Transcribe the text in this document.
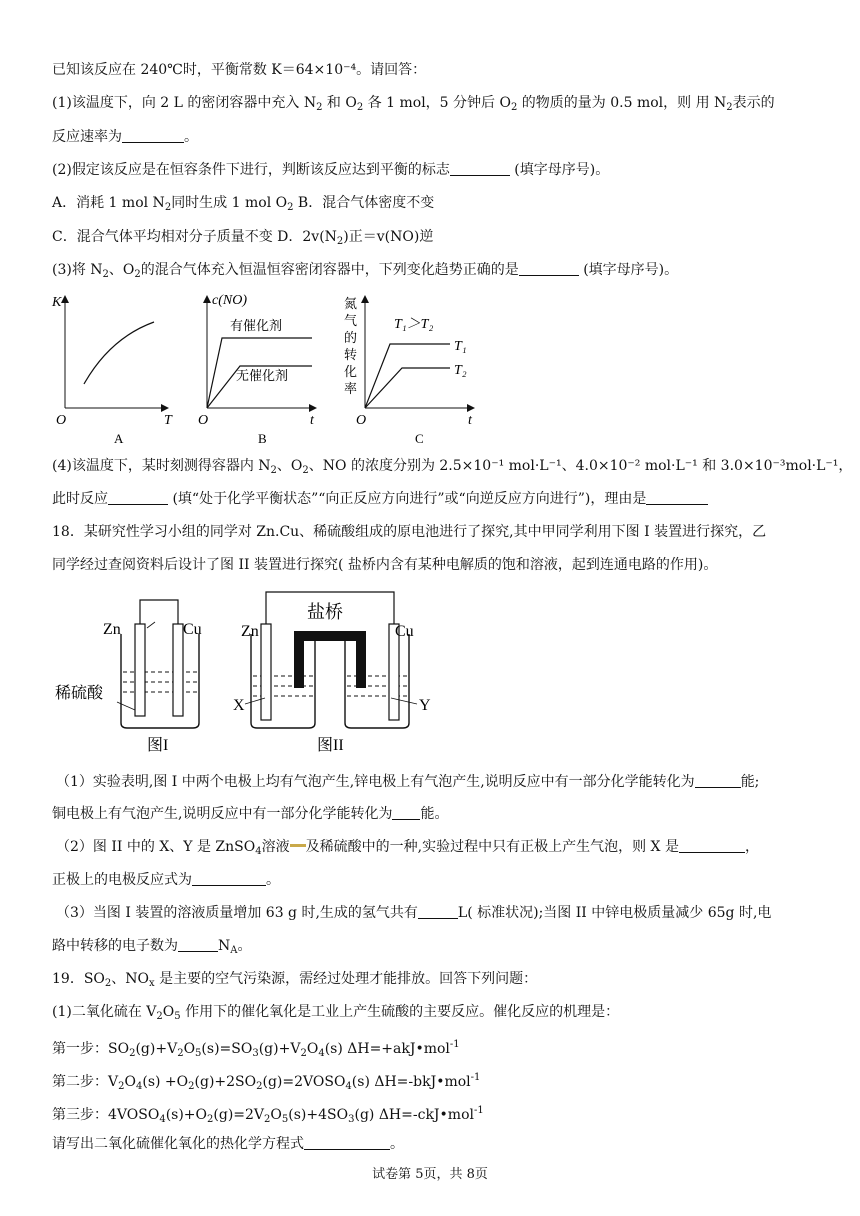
已知该反应在 240℃时，平衡常数 K＝64×10⁻⁴。请回答：
(1)该温度下，向 2 L 的密闭容器中充入 $N_2$ 和 $O_2$ 各 1 mol，5 分钟后 $O_2$ 的物质的量为 0.5 mol，则 用 $N_2$表示的
反应速率为	。
(2)假定该反应是在恒容条件下进行，判断该反应达到平衡的标志	(填字母序号)。
A．消耗 1 mol $N_2$同时生成 1 mol $O_2$ B．混合气体密度不变
C．混合气体平均相对分子质量不变 D．$2v(N_2)$正＝v(NO)逆
(3)将 $N_2$、$O_2$的混合气体充入恒温恒容密闭容器中，下列变化趋势正确的是	(填字母序号)。
K
T
O
A
c(NO)
有催化剂
无催化剂
t
O
B
氮
气
的
转
化
率
T₁＞T₂
T₁
T₂
t
O
C
(4)该温度下，某时刻测得容器内 $N_2$、$O_2$、NO 的浓度分别为 2.5×10⁻¹ mol·L⁻¹、4.0×10⁻² mol·L⁻¹ 和 3.0×10⁻³mol·L⁻¹，
此时反应	(填“处于化学平衡状态”“向正反应方向进行”或“向逆反应方向进行”)，理由是
18．某研究性学习小组的同学对 Zn.Cu、稀硫酸组成的原电池进行了探究,其中甲同学利用下图 I 装置进行探究，乙
同学经过查阅资料后设计了图 II 装置进行探究( 盐桥内含有某种电解质的饱和溶液，起到连通电路的作用)。
Zn	Cu
稀硫酸
图I
盐桥
Zn	Cu
X	Y
图II
（1）实验表明,图 I 中两个电极上均有气泡产生,锌电极上有气泡产生,说明反应中有一部分化学能转化为	能;
铜电极上有气泡产生,说明反应中有一部分化学能转化为 能。
（2）图 II 中的 X、Y 是 ZnSO$_4$溶液 及稀硫酸中的一种,实验过程中只有正极上产生气泡，则 X 是	，
正极上的电极反应式为	。
（3）当图 I 装置的溶液质量增加 63 g 时,生成的氢气共有	L( 标准状况);当图 II 中锌电极质量减少 65g 时,电
路中转移的电子数为	$N_A$。
19．$SO_2$、$NO_x$ 是主要的空气污染源，需经过处理才能排放。回答下列问题：
(1)二氧化硫在 $V_2O_5$ 作用下的催化氧化是工业上产生硫酸的主要反应。催化反应的机理是：
第一步：$SO_2(g)+V_2O_5(s)=SO_3(g)+V_2O_4(s)$ ΔH=+akJ•mol$^{-1}$
第二步：$V_2O_4(s)$ $+O_2(g)+2SO_2(g)=2VOSO_4(s)$ ΔH=-bkJ•mol$^{-1}$
第三步：$4VOSO_4(s)+O_2(g)=2V_2O_5(s)+4SO_3(g)$ ΔH=-ckJ•mol$^{-1}$
请写出二氧化硫催化氧化的热化学方程式	。
试卷第 5页，共 8页
